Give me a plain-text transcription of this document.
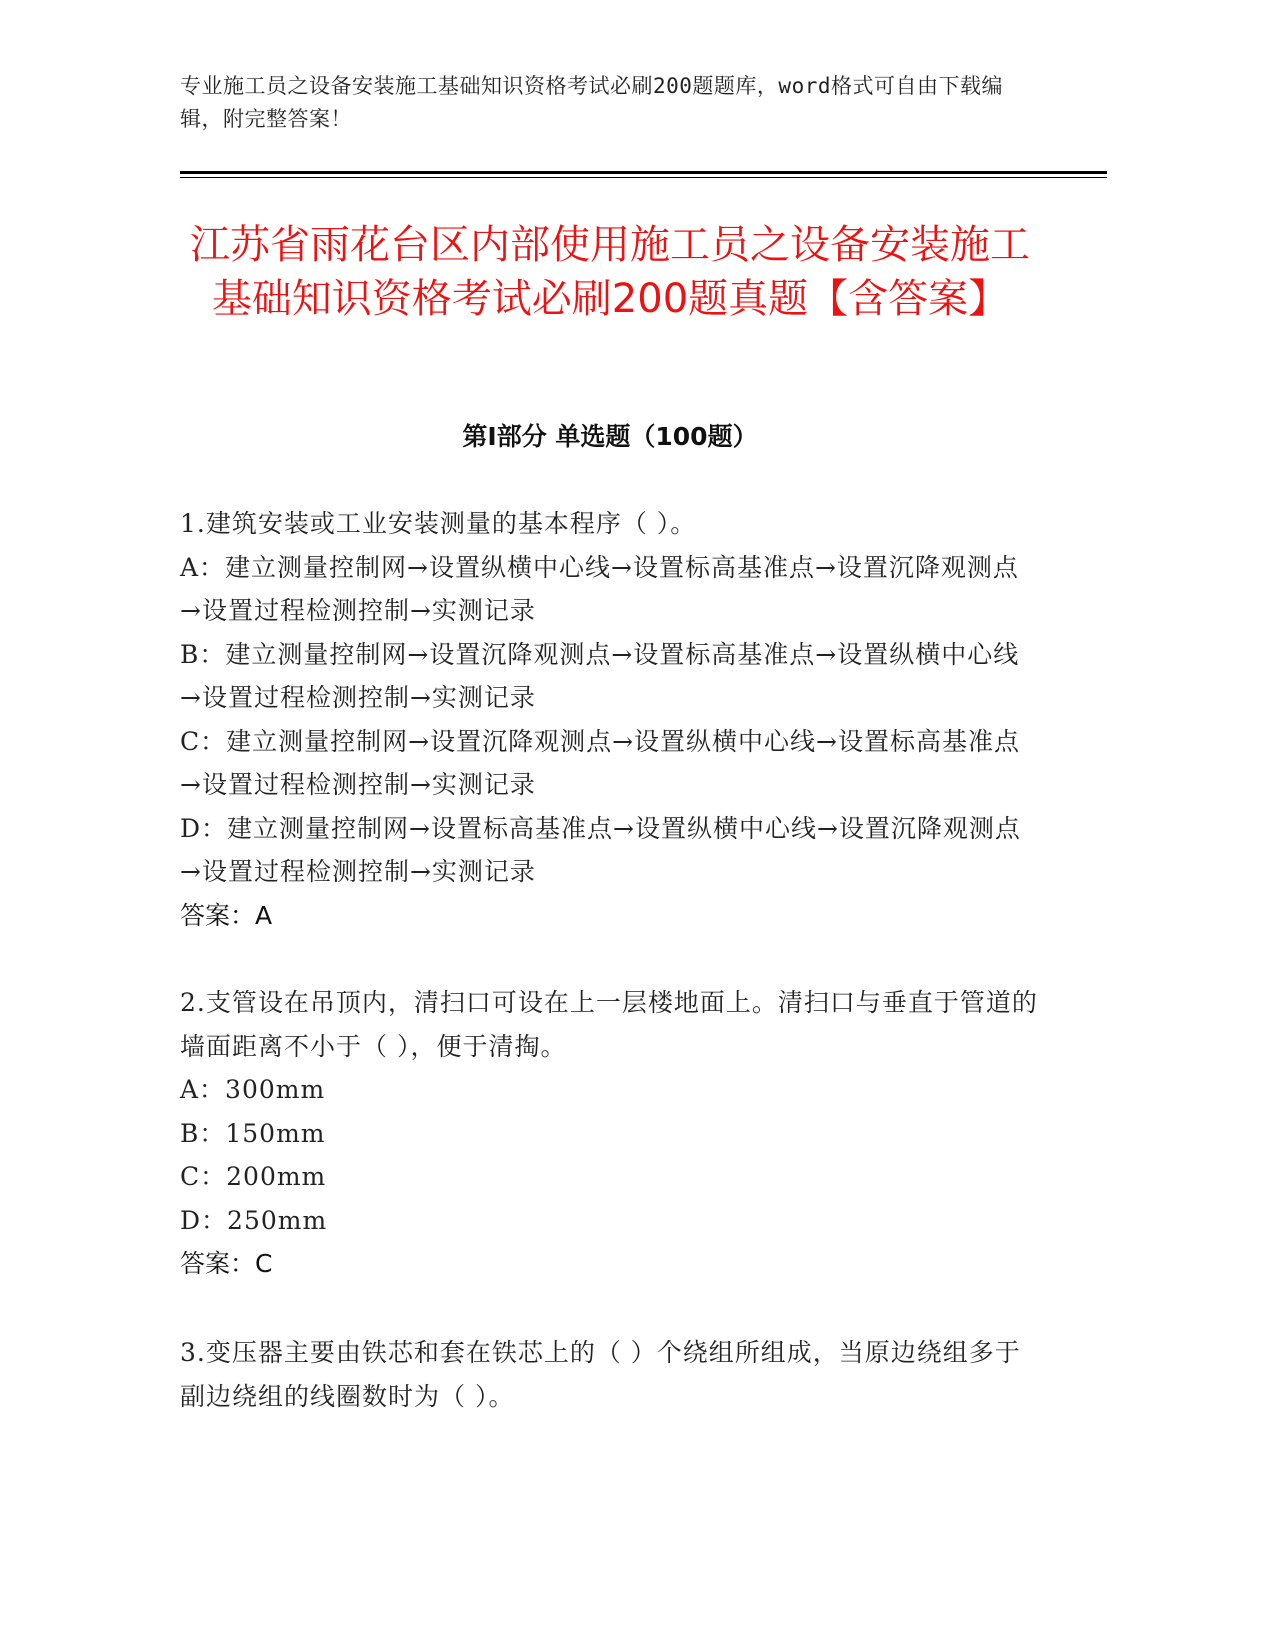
专业施工员之设备安装施工基础知识资格考试必刷200题题库，word格式可自由下载编辑，附完整答案！
江苏省雨花台区内部使用施工员之设备安装施工基础知识资格考试必刷200题真题【含答案】
第I部分 单选题（100题）

1.建筑安装或工业安装测量的基本程序（ ）。

A：建立测量控制网→设置纵横中心线→设置标高基准点→设置沉降观测点→设置过程检测控制→实测记录

B：建立测量控制网→设置沉降观测点→设置标高基准点→设置纵横中心线→设置过程检测控制→实测记录

C：建立测量控制网→设置沉降观测点→设置纵横中心线→设置标高基准点→设置过程检测控制→实测记录

D：建立测量控制网→设置标高基准点→设置纵横中心线→设置沉降观测点→设置过程检测控制→实测记录

答案：A

2.支管设在吊顶内，清扫口可设在上一层楼地面上。清扫口与垂直于管道的墙面距离不小于（ ），便于清掏。

A：300mm

B：150mm

C：200mm

D：250mm

答案：C

3.变压器主要由铁芯和套在铁芯上的（ ）个绕组所组成，当原边绕组多于副边绕组的线圈数时为（ ）。
